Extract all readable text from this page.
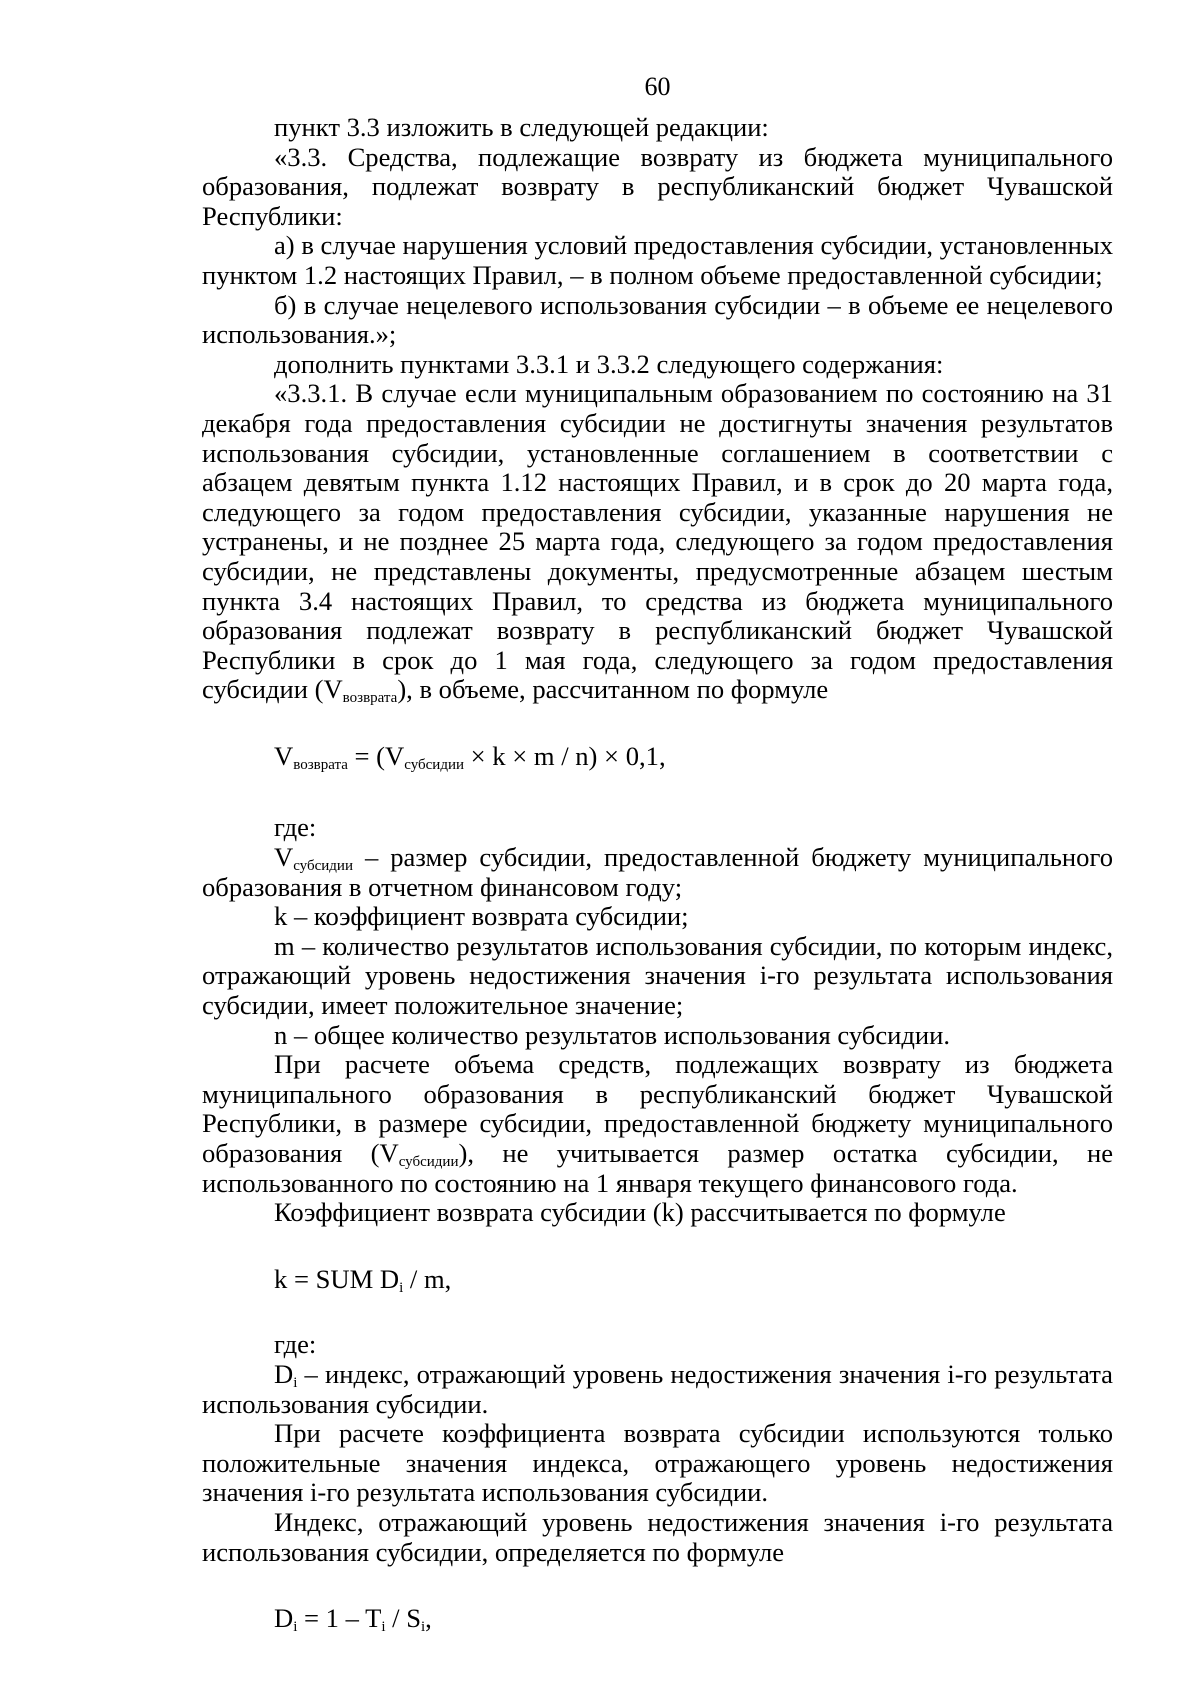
60

пункт 3.3 изложить в следующей редакции:

«3.3. Средства, подлежащие возврату из бюджета муниципального образования, подлежат возврату в республиканский бюджет Чувашской Республики:

а) в случае нарушения условий предоставления субсидии, установленных пунктом 1.2 настоящих Правил, – в полном объеме предоставленной субсидии;

б) в случае нецелевого использования субсидии – в объеме ее нецелевого использования.»;

дополнить пунктами 3.3.1 и 3.3.2 следующего содержания:

«3.3.1. В случае если муниципальным образованием по состоянию на 31 декабря года предоставления субсидии не достигнуты значения результатов использования субсидии, установленные соглашением в соответствии с абзацем девятым пункта 1.12 настоящих Правил, и в срок до 20 марта года, следующего за годом предоставления субсидии, указанные нарушения не устранены, и не позднее 25 марта года, следующего за годом предоставления субсидии, не представлены документы, предусмотренные абзацем шестым пункта 3.4 настоящих Правил, то средства из бюджета муниципального образования подлежат возврату в республиканский бюджет Чувашской Республики в срок до 1 мая года, следующего за годом предоставления субсидии $(V_{возврата})$, в объеме, рассчитанном по формуле

$V_{возврата} = (V_{субсидии} \times k \times m / n) \times 0,1$,

где:

$V_{субсидии}$ – размер субсидии, предоставленной бюджету муниципального образования в отчетном финансовом году;

k – коэффициент возврата субсидии;

m – количество результатов использования субсидии, по которым индекс, отражающий уровень недостижения значения i-го результата использования субсидии, имеет положительное значение;

n – общее количество результатов использования субсидии.

При расчете объема средств, подлежащих возврату из бюджета муниципального образования в республиканский бюджет Чувашской Республики, в размере субсидии, предоставленной бюджету муниципального образования $(V_{субсидии})$, не учитывается размер остатка субсидии, не использованного по состоянию на 1 января текущего финансового года.

Коэффициент возврата субсидии (k) рассчитывается по формуле

k = SUM $D_i$ / m,

где:

$D_i$ – индекс, отражающий уровень недостижения значения i-го результата использования субсидии.

При расчете коэффициента возврата субсидии используются только положительные значения индекса, отражающего уровень недостижения значения i-го результата использования субсидии.

Индекс, отражающий уровень недостижения значения i-го результата использования субсидии, определяется по формуле

$D_i = 1 - T_i / S_i$,
